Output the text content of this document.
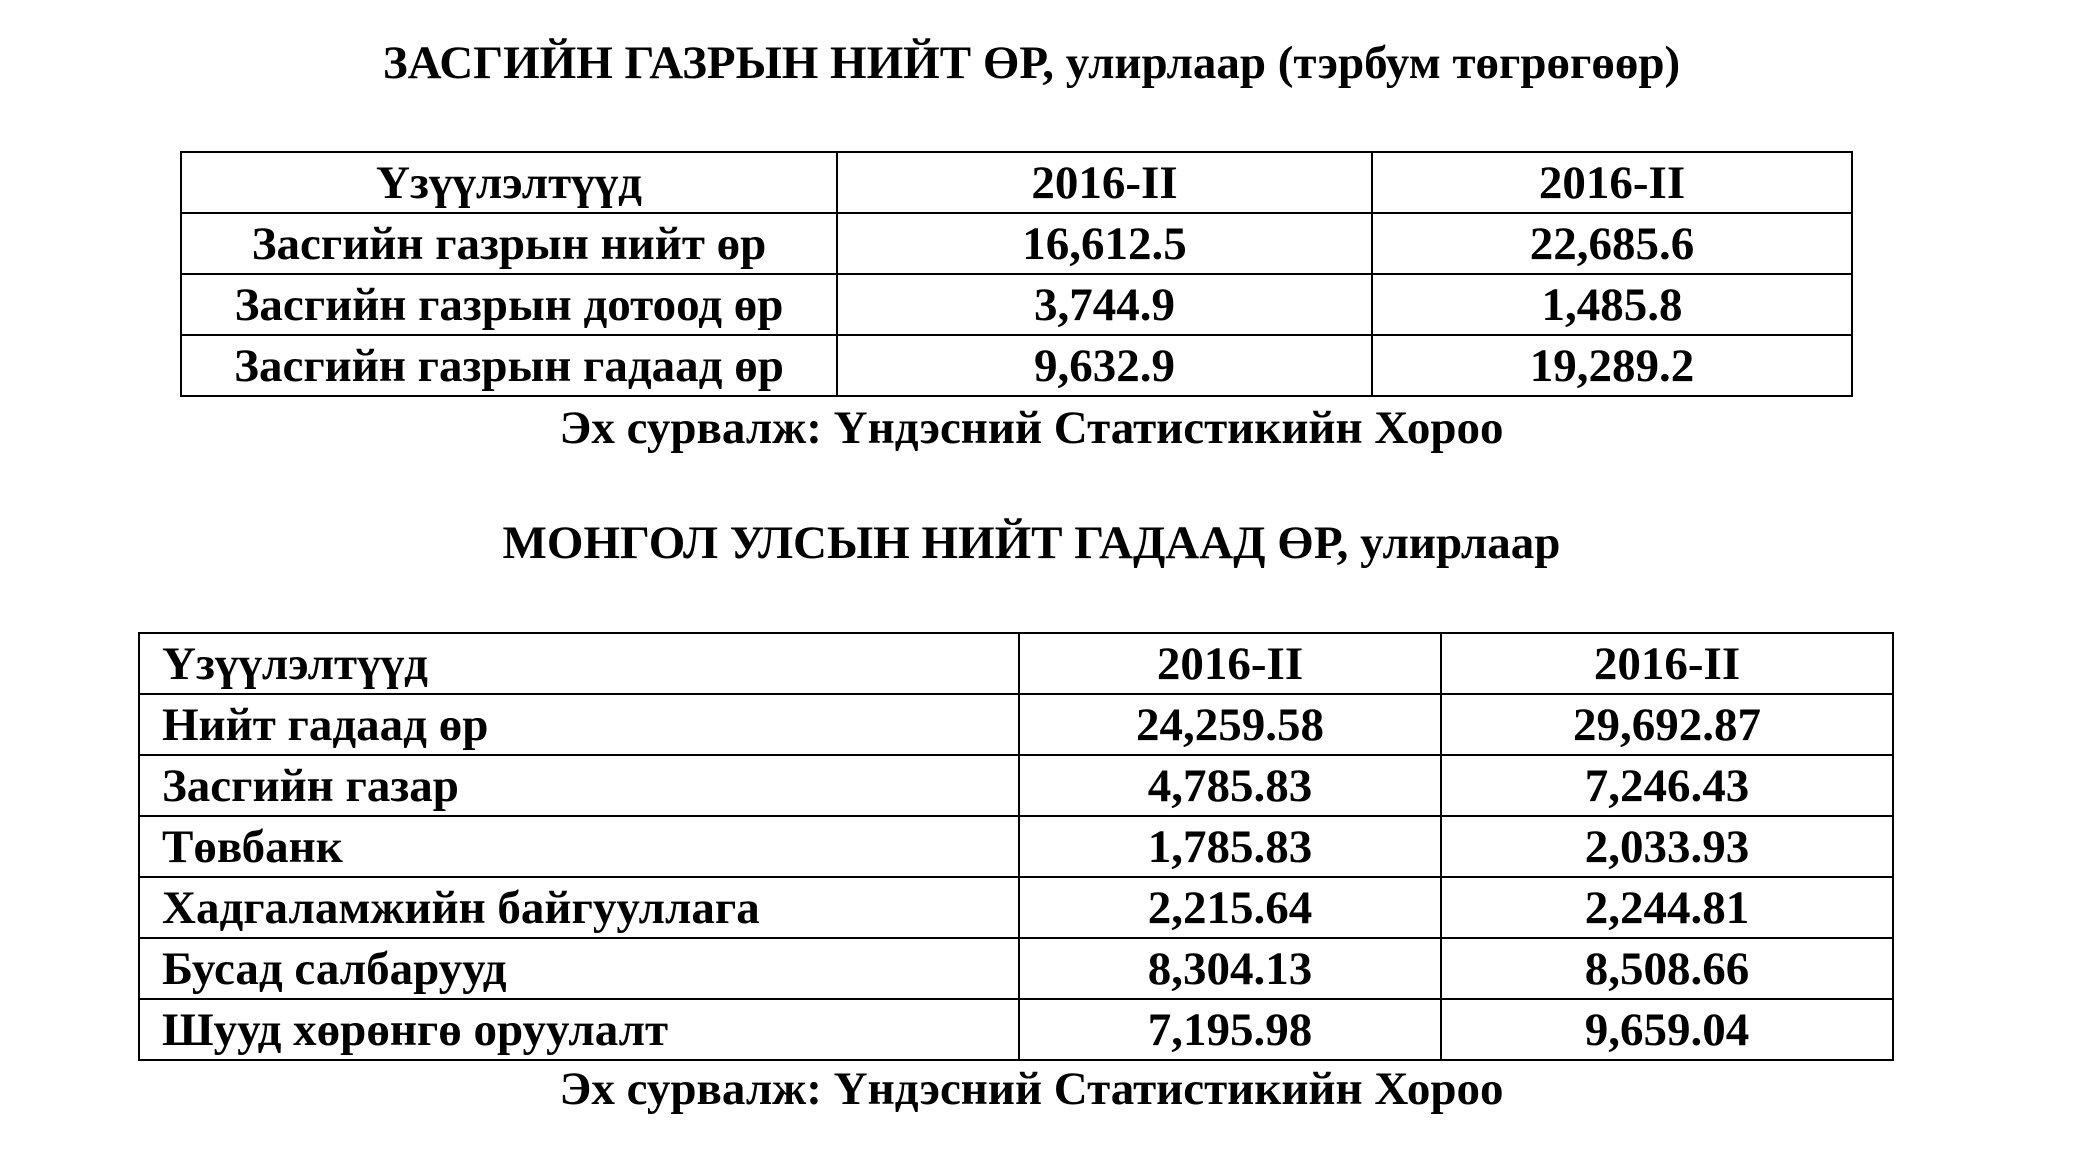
ЗАСГИЙН ГАЗРЫН НИЙТ ӨР, улирлаар (тэрбум төгрөгөөр)
Үзүүлэлтүүд	2016-II	2016-II
Засгийн газрын нийт өр	16,612.5	22,685.6
Засгийн газрын дотоод өр	3,744.9	1,485.8
Засгийн газрын гадаад өр	9,632.9	19,289.2
Эх сурвалж: Үндэсний Статистикийн Хороо
МОНГОЛ УЛСЫН НИЙТ ГАДААД ӨР, улирлаар
Үзүүлэлтүүд	2016-II	2016-II
Нийт гадаад өр	24,259.58	29,692.87
Засгийн газар	4,785.83	7,246.43
Төвбанк	1,785.83	2,033.93
Хадгаламжийн байгууллага	2,215.64	2,244.81
Бусад салбарууд	8,304.13	8,508.66
Шууд хөрөнгө оруулалт	7,195.98	9,659.04
Эх сурвалж: Үндэсний Статистикийн Хороо
